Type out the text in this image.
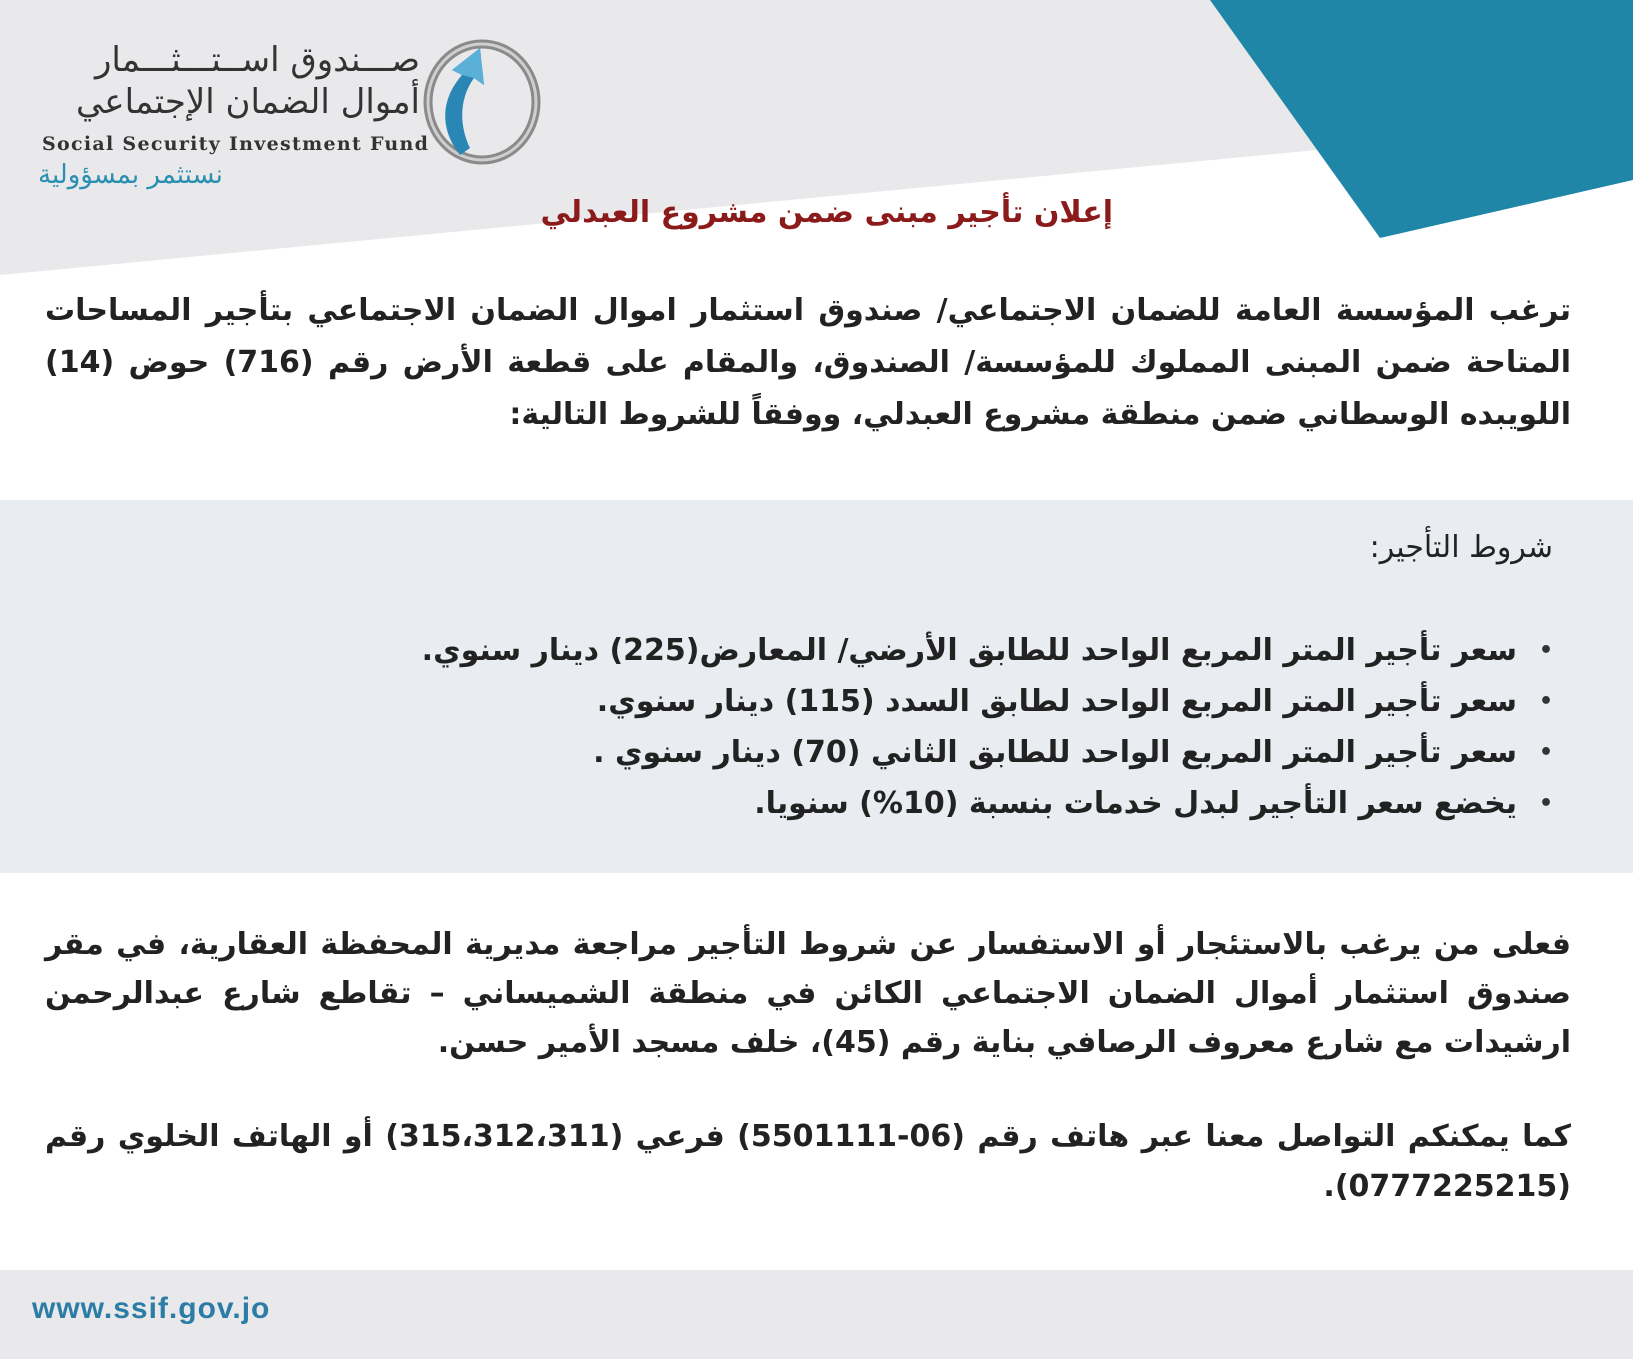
صـــندوق اســتـــثـــمار
أموال الضمان الإجتماعي
Social Security Investment Fund
نستثمر بمسؤولية
إعلان تأجير مبنى ضمن مشروع العبدلي

ترغب المؤسسة العامة للضمان الاجتماعي/ صندوق استثمار اموال الضمان الاجتماعي بتأجير المساحات المتاحة ضمن المبنى المملوك للمؤسسة/ الصندوق، والمقام على قطعة الأرض رقم (716) حوض (14) اللويبده الوسطاني ضمن منطقة مشروع العبدلي، ووفقاً للشروط التالية:

شروط التأجير:
•
سعر تأجير المتر المربع الواحد للطابق الأرضي/ المعارض(225) دينار سنوي.
•
سعر تأجير المتر المربع الواحد لطابق السدد (115) دينار سنوي.
•
سعر تأجير المتر المربع الواحد للطابق الثاني (70) دينار سنوي .
•
يخضع سعر التأجير لبدل خدمات بنسبة (10%) سنويا.

فعلى من يرغب بالاستئجار أو الاستفسار عن شروط التأجير مراجعة مديرية المحفظة العقارية، في مقر صندوق استثمار أموال الضمان الاجتماعي الكائن في منطقة الشميساني – تقاطع شارع عبدالرحمن ارشيدات مع شارع معروف الرصافي بناية رقم (45)، خلف مسجد الأمير حسن.

كما يمكنكم التواصل معنا عبر هاتف رقم (06-5501111) فرعي (315،312،311) أو الهاتف الخلوي رقم (0777225215).

www.ssif.gov.jo
